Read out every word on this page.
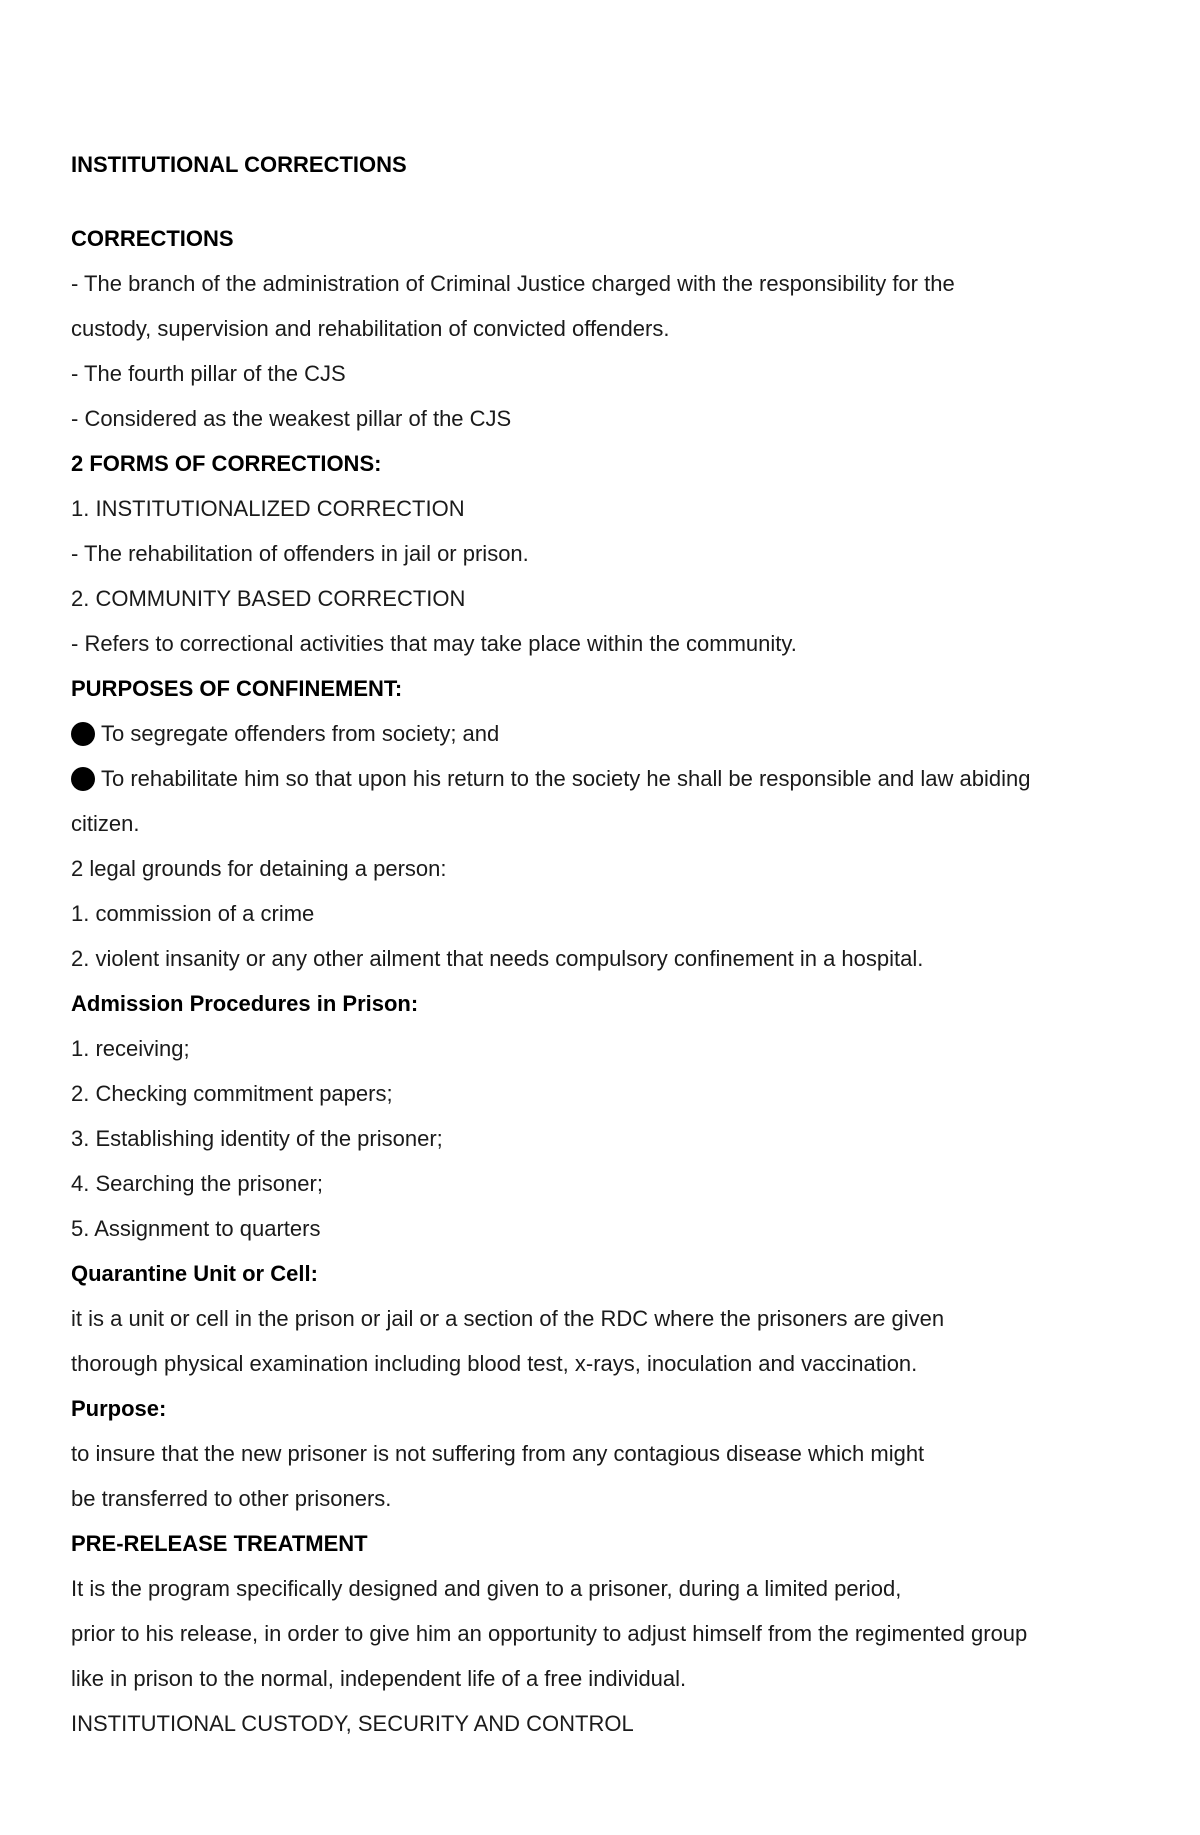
INSTITUTIONAL CORRECTIONS
CORRECTIONS
- The branch of the administration of Criminal Justice charged with the responsibility for the
custody, supervision and rehabilitation of convicted offenders.
- The fourth pillar of the CJS
- Considered as the weakest pillar of the CJS
2 FORMS OF CORRECTIONS:
1. INSTITUTIONALIZED CORRECTION
- The rehabilitation of offenders in jail or prison.
2. COMMUNITY BASED CORRECTION
- Refers to correctional activities that may take place within the community.
PURPOSES OF CONFINEMENT:
To segregate offenders from society; and
To rehabilitate him so that upon his return to the society he shall be responsible and law abiding
citizen.
2 legal grounds for detaining a person:
1. commission of a crime
2. violent insanity or any other ailment that needs compulsory confinement in a hospital.
Admission Procedures in Prison:
1. receiving;
2. Checking commitment papers;
3. Establishing identity of the prisoner;
4. Searching the prisoner;
5. Assignment to quarters
Quarantine Unit or Cell:
it is a unit or cell in the prison or jail or a section of the RDC where the prisoners are given
thorough physical examination including blood test, x-rays, inoculation and vaccination.
Purpose:
to insure that the new prisoner is not suffering from any contagious disease which might
be transferred to other prisoners.
PRE-RELEASE TREATMENT
It is the program specifically designed and given to a prisoner, during a limited period,
prior to his release, in order to give him an opportunity to adjust himself from the regimented group
like in prison to the normal, independent life of a free individual.
INSTITUTIONAL CUSTODY, SECURITY AND CONTROL
